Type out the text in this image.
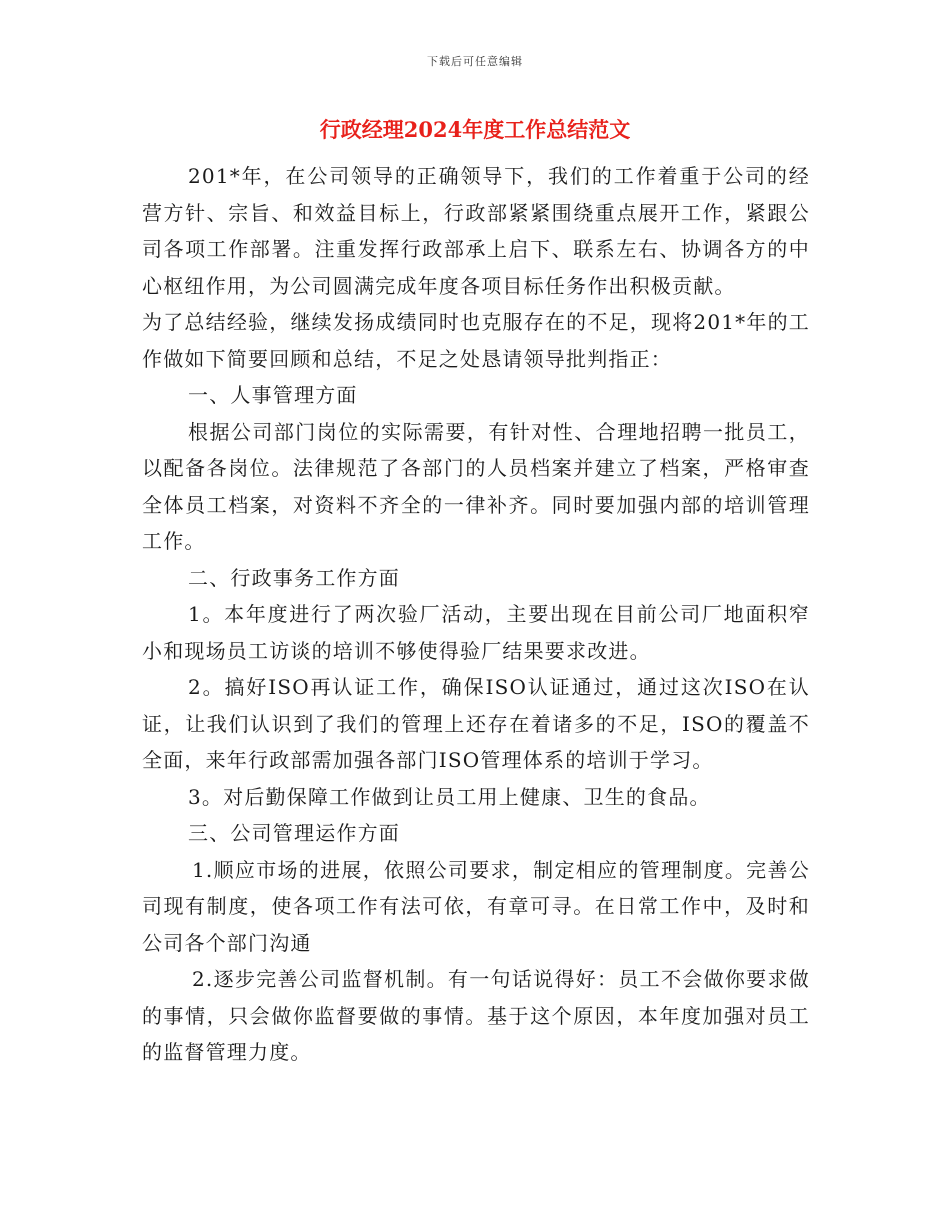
下载后可任意编辑
行政经理2024年度工作总结范文

201*年，在公司领导的正确领导下，我们的工作着重于公司的经营方针、宗旨、和效益目标上，行政部紧紧围绕重点展开工作，紧跟公司各项工作部署。注重发挥行政部承上启下、联系左右、协调各方的中心枢纽作用，为公司圆满完成年度各项目标任务作出积极贡献。

为了总结经验，继续发扬成绩同时也克服存在的不足，现将201*年的工作做如下简要回顾和总结，不足之处恳请领导批判指正：

一、人事管理方面

根据公司部门岗位的实际需要，有针对性、合理地招聘一批员工，以配备各岗位。法律规范了各部门的人员档案并建立了档案，严格审查全体员工档案，对资料不齐全的一律补齐。同时要加强内部的培训管理工作。

二、行政事务工作方面

1。本年度进行了两次验厂活动，主要出现在目前公司厂地面积窄小和现场员工访谈的培训不够使得验厂结果要求改进。

2。搞好ISO再认证工作，确保ISO认证通过，通过这次ISO在认证，让我们认识到了我们的管理上还存在着诸多的不足，ISO的覆盖不全面，来年行政部需加强各部门ISO管理体系的培训于学习。

3。对后勤保障工作做到让员工用上健康、卫生的食品。

三、公司管理运作方面

1.顺应市场的进展，依照公司要求，制定相应的管理制度。完善公司现有制度，使各项工作有法可依，有章可寻。在日常工作中，及时和公司各个部门沟通

2.逐步完善公司监督机制。有一句话说得好：员工不会做你要求做的事情，只会做你监督要做的事情。基于这个原因，本年度加强对员工的监督管理力度。
